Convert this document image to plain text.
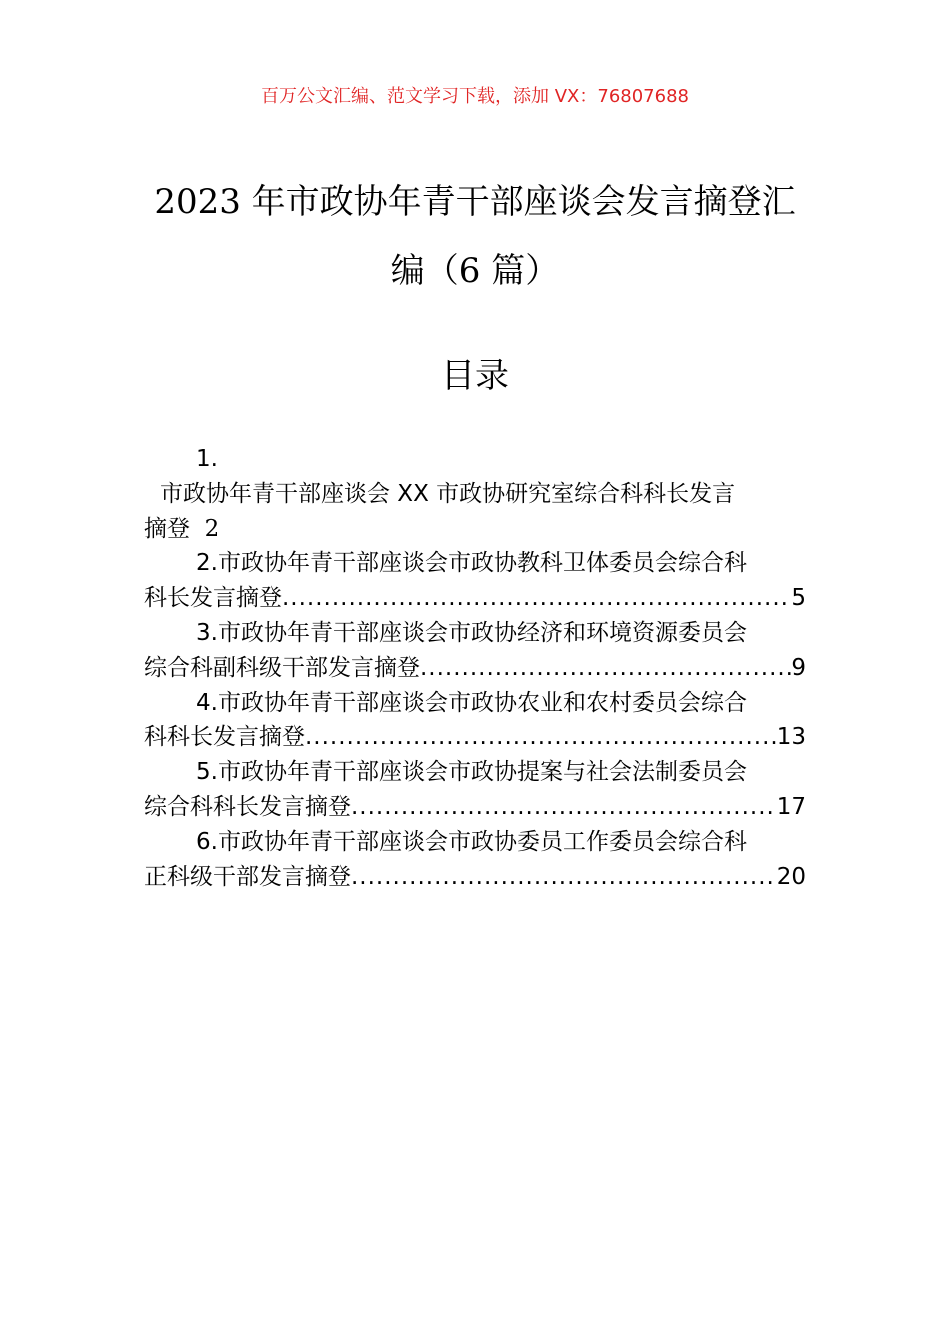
百万公文汇编、范文学习下载，添加 VX：76807688
2023 年市政协年青干部座谈会发言摘登汇
编（6 篇）
目录
1.
市政协年青干部座谈会 XX 市政协研究室综合科科长发言
摘登 2
2.市政协年青干部座谈会市政协教科卫体委员会综合科
科长发言摘登 .....	5
3.市政协年青干部座谈会市政协经济和环境资源委员会
综合科副科级干部发言摘登 .....	9
4.市政协年青干部座谈会市政协农业和农村委员会综合
科科长发言摘登 .....	13
5.市政协年青干部座谈会市政协提案与社会法制委员会
综合科科长发言摘登 .....	17
6.市政协年青干部座谈会市政协委员工作委员会综合科
正科级干部发言摘登 .....	20
